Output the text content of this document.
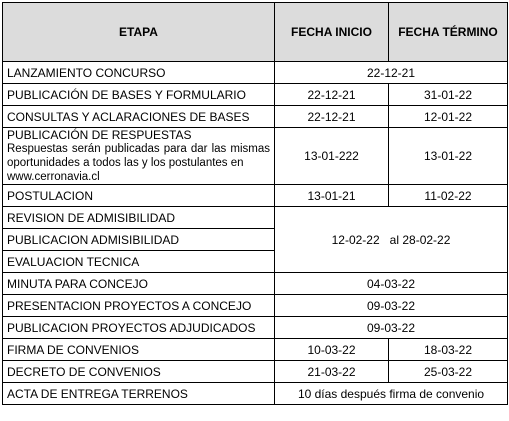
ETAPA	FECHA INICIO	FECHA TÉRMINO
LANZAMIENTO CONCURSO	22-12-21	
PUBLICACIÓN DE BASES Y FORMULARIO	22-12-21	31-01-22
CONSULTAS Y ACLARACIONES DE BASES	22-12-21	12-01-22

PUBLICACIÓN DE RESPUESTAS
Respuestas serán publicadas para dar las mismas oportunidades a todos las y los postulantes en
www.cerronavia.cl	13-01-222	13-01-22
POSTULACION	13-01-21	11-02-22
REVISION DE ADMISIBILIDAD	12-02-22 al 28-02-22	
PUBLICACION ADMISIBILIDAD		
EVALUACION TECNICA		
MINUTA PARA CONCEJO	04-03-22	
PRESENTACION PROYECTOS A CONCEJO	09-03-22	
PUBLICACION PROYECTOS ADJUDICADOS	09-03-22	
FIRMA DE CONVENIOS	10-03-22	18-03-22
DECRETO DE CONVENIOS	21-03-22	25-03-22
ACTA DE ENTREGA TERRENOS	10 días después firma de convenio	
